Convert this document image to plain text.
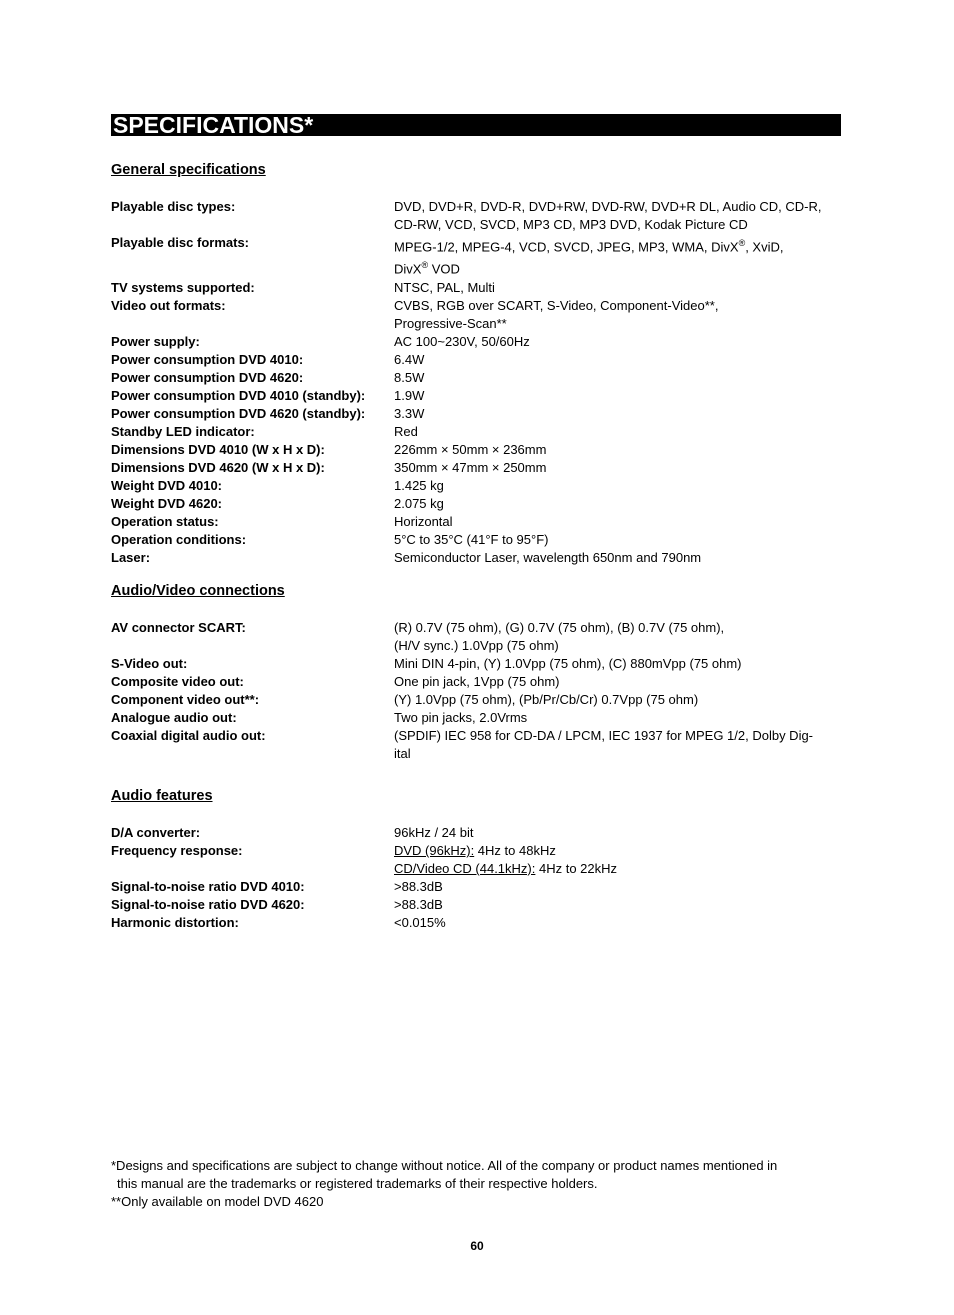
SPECIFICATIONS*
General specifications
Playable disc types:	DVD, DVD+R, DVD-R, DVD+RW, DVD-RW, DVD+R DL, Audio CD, CD-R,
CD-RW, VCD, SVCD, MP3 CD, MP3 DVD, Kodak Picture CD
Playable disc formats:	MPEG-1/2, MPEG-4, VCD, SVCD, JPEG, MP3, WMA, DivX®, XviD,
DivX® VOD
TV systems supported:	NTSC, PAL, Multi
Video out formats:	CVBS, RGB over SCART, S-Video, Component-Video**,
Progressive-Scan**
Power supply:	AC 100~230V, 50/60Hz
Power consumption DVD 4010:	6.4W
Power consumption DVD 4620:	8.5W
Power consumption DVD 4010 (standby):	1.9W
Power consumption DVD 4620 (standby):	3.3W
Standby LED indicator:	Red
Dimensions DVD 4010 (W x H x D):	226mm × 50mm × 236mm
Dimensions DVD 4620 (W x H x D):	350mm × 47mm × 250mm
Weight DVD 4010:	1.425 kg
Weight DVD 4620:	2.075 kg
Operation status:	Horizontal
Operation conditions:	5°C to 35°C (41°F to 95°F)
Laser:	Semiconductor Laser, wavelength 650nm and 790nm
Audio/Video connections
AV connector SCART:	(R) 0.7V (75 ohm), (G) 0.7V (75 ohm), (B) 0.7V (75 ohm),
(H/V sync.) 1.0Vpp (75 ohm)
S-Video out:	Mini DIN 4-pin, (Y) 1.0Vpp (75 ohm), (C) 880mVpp (75 ohm)
Composite video out:	One pin jack, 1Vpp (75 ohm)
Component video out**:	(Y) 1.0Vpp (75 ohm), (Pb/Pr/Cb/Cr) 0.7Vpp (75 ohm)
Analogue audio out:	Two pin jacks, 2.0Vrms
Coaxial digital audio out:	(SPDIF) IEC 958 for CD-DA / LPCM, IEC 1937 for MPEG 1/2, Dolby Dig-
ital
Audio features
D/A converter:	96kHz / 24 bit
Frequency response:	DVD (96kHz): 4Hz to 48kHz
CD/Video CD (44.1kHz): 4Hz to 22kHz
Signal-to-noise ratio DVD 4010:	>88.3dB
Signal-to-noise ratio DVD 4620:	>88.3dB
Harmonic distortion:	<0.015%
*Designs and specifications are subject to change without notice. All of the company or product names mentioned in
this manual are the trademarks or registered trademarks of their respective holders.
**Only available on model DVD 4620
60
